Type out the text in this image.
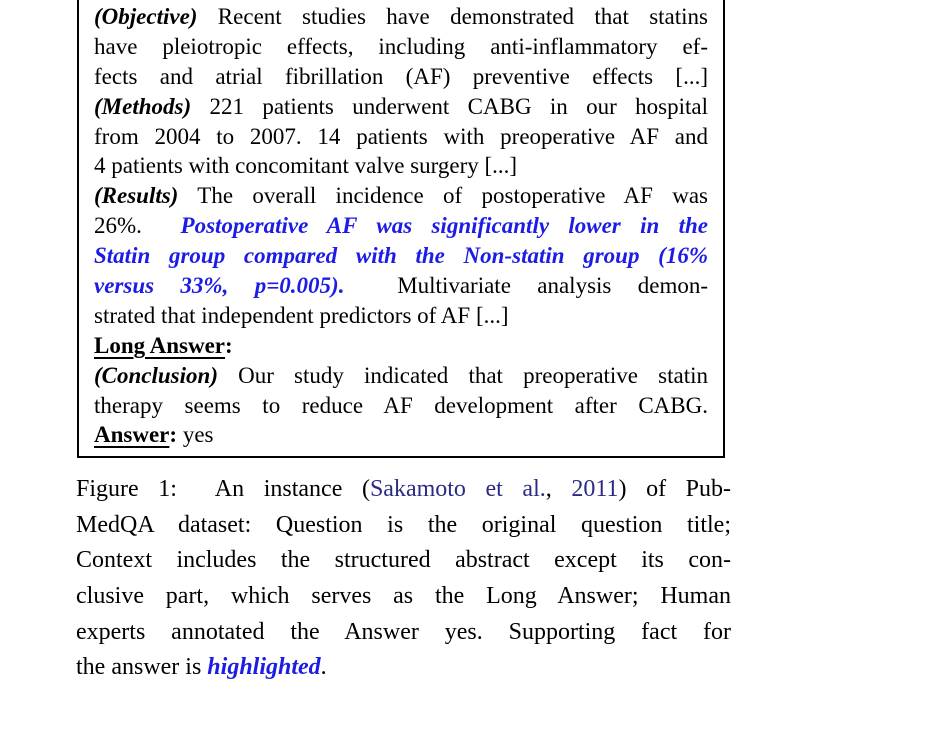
(Objective) Recent studies have demonstrated that statins
have pleiotropic effects, including anti-inflammatory ef-
fects and atrial fibrillation (AF) preventive effects [...]
(Methods) 221 patients underwent CABG in our hospital
from 2004 to 2007. 14 patients with preoperative AF and
4 patients with concomitant valve surgery [...]
(Results) The overall incidence of postoperative AF was
26%.  Postoperative AF was significantly lower in the
Statin group compared with the Non-statin group (16%
versus 33%, p=0.005).  Multivariate analysis demon-
strated that independent predictors of AF [...]
Long Answer:
(Conclusion) Our study indicated that preoperative statin
therapy seems to reduce AF development after CABG.
Answer: yes
Figure 1:  An instance (Sakamoto et al., 2011) of Pub-
MedQA dataset: Question is the original question title;
Context includes the structured abstract except its con-
clusive part, which serves as the Long Answer; Human
experts annotated the Answer yes. Supporting fact for
the answer is highlighted.
